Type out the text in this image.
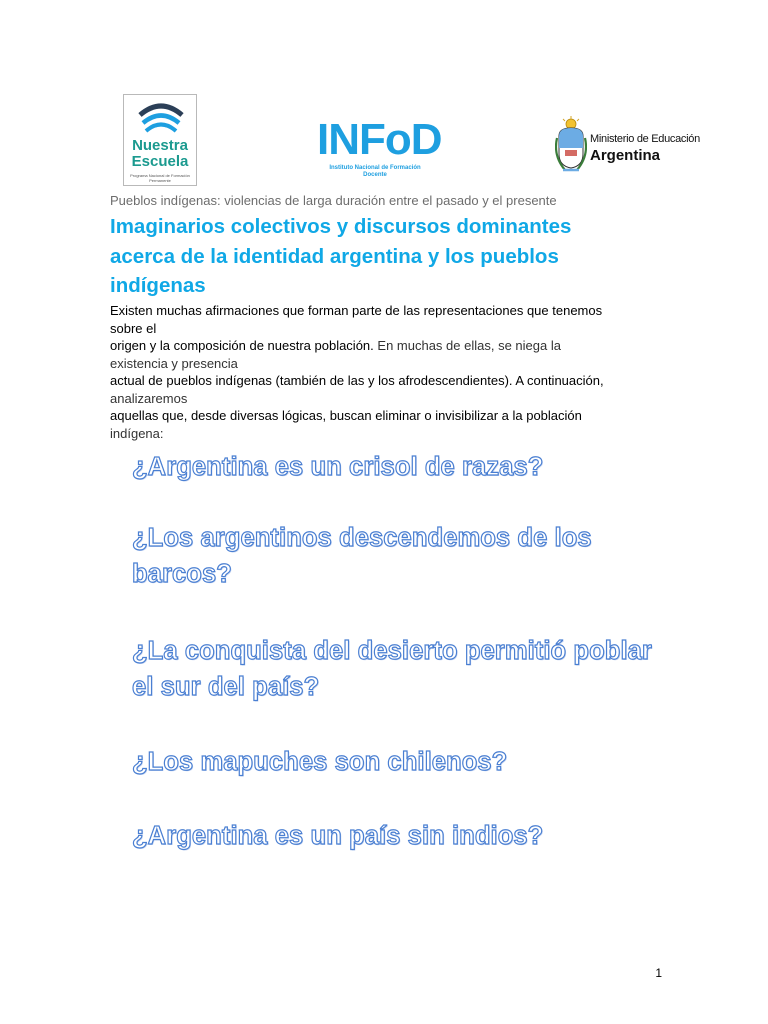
Nuestra
Escuela
Programa Nacional de Formación Permanente
INFoD
Instituto Nacional de Formación Docente
Ministerio de Educación
Argentina
Pueblos indígenas: violencias de larga duración entre el pasado y el presente
Imaginarios colectivos y discursos dominantes
acerca de la identidad argentina y los pueblos
indígenas

Existen muchas afirmaciones que forman parte de las representaciones que tenemos

sobre el

origen y la composición de nuestra población. En muchas de ellas, se niega la

existencia y presencia

actual de pueblos indígenas (también de las y los afrodescendientes). A continuación,

analizaremos

aquellas que, desde diversas lógicas, buscan eliminar o invisibilizar a la población

indígena:

¿Argentina es un crisol de razas?

¿Los argentinos descendemos de los barcos?

¿La conquista del desierto permitió poblar el sur del país?

¿Los mapuches son chilenos?

¿Argentina es un país sin indios?

1
